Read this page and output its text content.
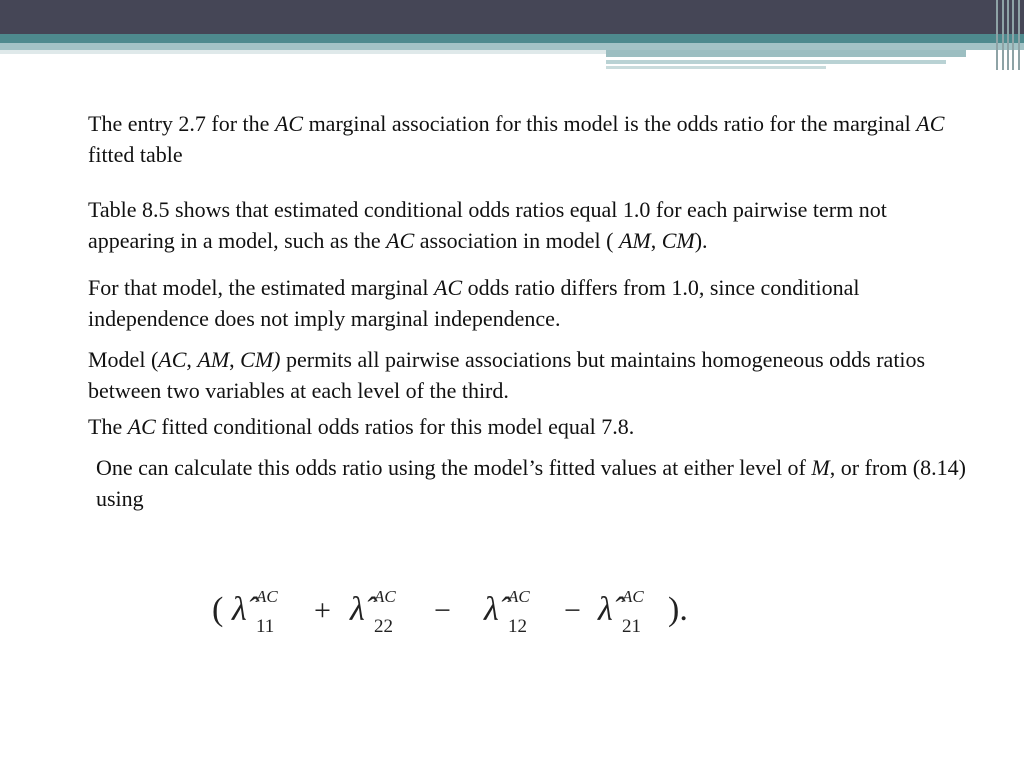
The entry 2.7 for the AC marginal association for this model is the odds ratio for the marginal AC fitted table

Table 8.5 shows that estimated conditional odds ratios equal 1.0 for each pairwise term not appearing in a model, such as the AC association in model ( AM, CM).

For that model, the estimated marginal AC odds ratio differs from 1.0, since conditional independence does not imply marginal independence.

Model (AC, AM, CM) permits all pairwise associations but maintains homogeneous odds ratios between two variables at each level of the third.

The AC fitted conditional odds ratios for this model equal 7.8.

One can calculate this odds ratio using the model’s fitted values at either level of M, or from (8.14) using

( λ̂ AC
11 + λ̂ AC
22 − λ̂ AC
12 − λ̂ AC
21 ).
